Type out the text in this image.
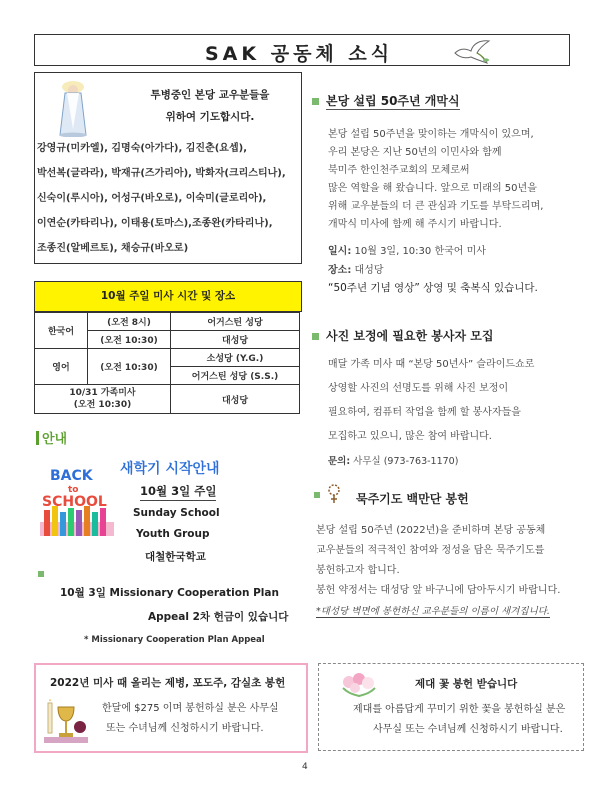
SAK 공동체 소식
투병중인 본당 교우분들을
위하여 기도합시다.
강영규(미카엘), 김명숙(아가다), 김진춘(요셉),
박선복(글라라), 박재규(즈가리아), 박화자(크리스티나),
신숙이(루시아), 어성구(바오로), 이숙미(글로리아),
이연순(카타리나), 이태용(토마스),조종완(카타리나),
조종진(알베르토), 채승규(바오로)
10월 주일 미사 시간 및 장소
한국어	(오전 8시)	어거스틴 성당
	(오전 10:30)	대성당
영어	(오전 10:30)	소성당 (Y.G.)
		어거스틴 성당 (S.S.)

10/31 가족미사
(오전 10:30)		대성당
안내
BACK
to
SCHOOL
새학기 시작안내
10월 3일 주일
Sunday School
Youth Group
대철한국학교
10월 3일 Missionary Cooperation Plan
Appeal 2차 헌금이 있습니다
* Missionary Cooperation Plan Appeal
본당 설립 50주년 개막식
본당 설립 50주년을 맞이하는 개막식이 있으며,
우리 본당은 지난 50년의 이민사와 함께
북미주 한인천주교회의 모체로써
많은 역할을 해 왔습니다. 앞으로 미래의 50년을
위해 교우분들의 더 큰 관심과 기도를 부탁드리며,
개막식 미사에 함께 해 주시기 바랍니다.
일시: 10월 3일, 10:30 한국어 미사
장소: 대성당
“50주년 기념 영상” 상영 및 축복식 있습니다.
사진 보정에 필요한 봉사자 모집
매달 가족 미사 때 “본당 50년사” 슬라이드쇼로
상영할 사진의 선명도를 위해 사진 보정이
필요하여, 컴퓨터 작업을 함께 할 봉사자들을
모집하고 있으니, 많은 참여 바랍니다.
문의: 사무실 (973-763-1170)
묵주기도 백만단 봉헌
본당 설립 50주년 (2022년)을 준비하며 본당 공동체
교우분들의 적극적인 참여와 정성을 담은 묵주기도를
봉헌하고자 합니다.
봉헌 약정서는 대성당 앞 바구니에 담아두시기 바랍니다.
*대성당 벽면에 봉헌하신 교우분들의 이름이 새겨집니다.
2022년 미사 때 올리는 제병, 포도주, 감실초 봉헌
한달에 $275 이며 봉헌하실 분은 사무실
또는 수녀님께 신청하시기 바랍니다.
제대 꽃 봉헌 받습니다
제대를 아름답게 꾸미기 위한 꽃을 봉헌하실 분은
사무실 또는 수녀님께 신청하시기 바랍니다.
4
